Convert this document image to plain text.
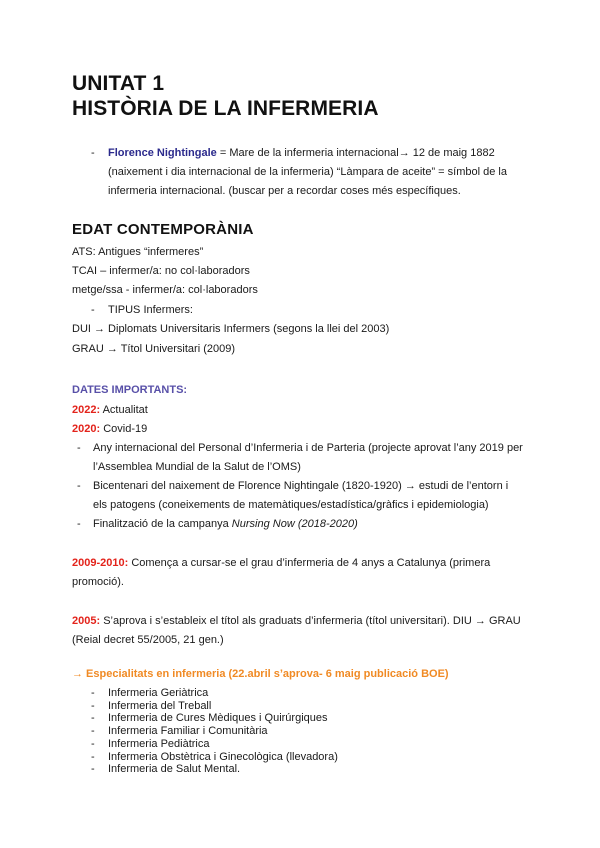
UNITAT 1
HISTÒRIA DE LA INFERMERIA
- Florence Nightingale = Mare de la infermeria internacional→ 12 de maig 1882
(naixement i dia internacional de la infermeria) “Làmpara de aceite” = símbol de la
infermeria internacional. (buscar per a recordar coses més específiques.
EDAT CONTEMPORÀNIA
ATS: Antigues “infermeres”
TCAI – infermer/a: no col·laboradors
metge/ssa - infermer/a: col·laboradors
- TIPUS Infermers:
DUI → Diplomats Universitaris Infermers (segons la llei del 2003)
GRAU → Títol Universitari (2009)
DATES IMPORTANTS:
2022: Actualitat
2020: Covid-19
- Any internacional del Personal d’Infermeria i de Parteria (projecte aprovat l’any 2019 per
l’Assemblea Mundial de la Salut de l’OMS)
- Bicentenari del naixement de Florence Nightingale (1820-1920) → estudi de l’entorn i
els patogens (coneixements de matemàtiques/estadística/gràfics i epidemiologia)
- Finalització de la campanya Nursing Now (2018-2020)
2009-2010: Comença a cursar-se el grau d’infermeria de 4 anys a Catalunya (primera
promoció).
2005: S’aprova i s’estableix el títol als graduats d’infermeria (títol universitari). DIU → GRAU
(Reial decret 55/2005, 21 gen.)
→ Especialitats en infermeria (22.abril s’aprova- 6 maig publicació BOE)
- Infermeria Geriàtrica
- Infermeria del Treball
- Infermeria de Cures Mèdiques i Quirúrgiques
- Infermeria Familiar i Comunitària
- Infermeria Pediàtrica
- Infermeria Obstètrica i Ginecològica (llevadora)
- Infermeria de Salut Mental.
